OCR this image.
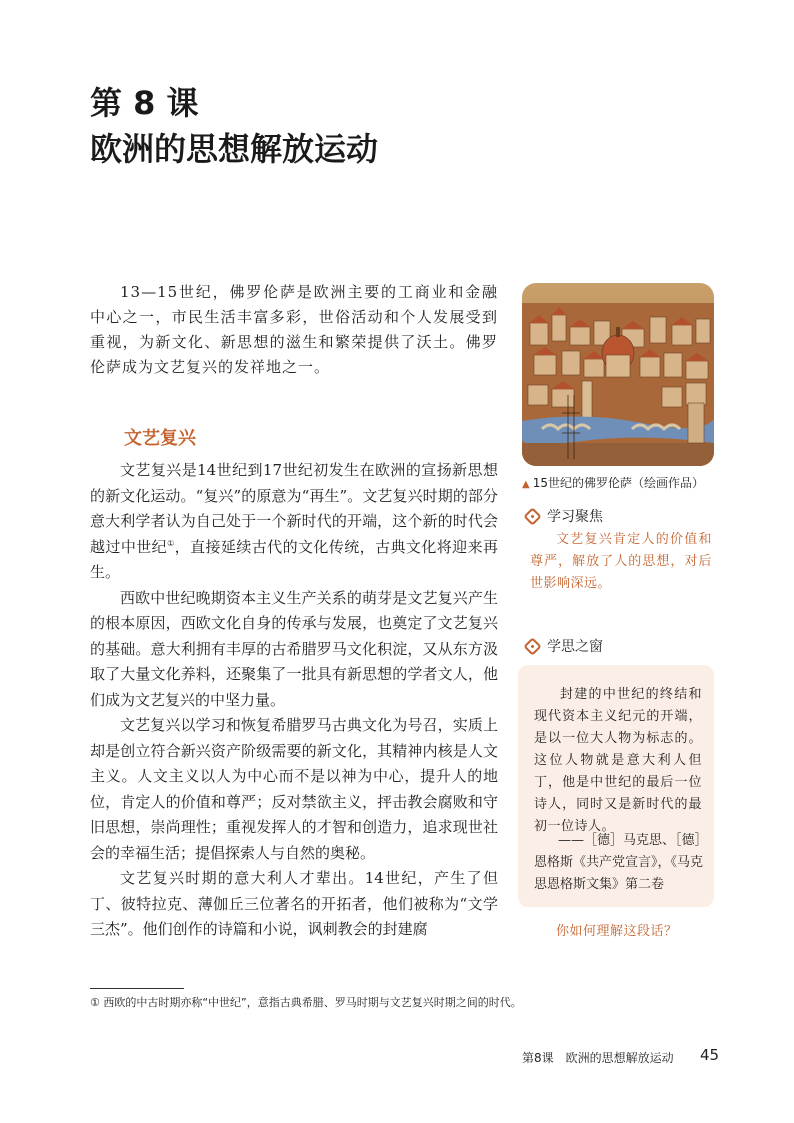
第 8 课
欧洲的思想解放运动

13—15世纪，佛罗伦萨是欧洲主要的工商业和金融中心之一，市民生活丰富多彩，世俗活动和个人发展受到重视，为新文化、新思想的滋生和繁荣提供了沃土。佛罗伦萨成为文艺复兴的发祥地之一。

文艺复兴

文艺复兴是14世纪到17世纪初发生在欧洲的宣扬新思想的新文化运动。“复兴”的原意为“再生”。文艺复兴时期的部分意大利学者认为自己处于一个新时代的开端，这个新的时代会越过中世纪①，直接延续古代的文化传统，古典文化将迎来再生。

西欧中世纪晚期资本主义生产关系的萌芽是文艺复兴产生的根本原因，西欧文化自身的传承与发展，也奠定了文艺复兴的基础。意大利拥有丰厚的古希腊罗马文化积淀，又从东方汲取了大量文化养料，还聚集了一批具有新思想的学者文人，他们成为文艺复兴的中坚力量。

文艺复兴以学习和恢复希腊罗马古典文化为号召，实质上却是创立符合新兴资产阶级需要的新文化，其精神内核是人文主义。人文主义以人为中心而不是以神为中心，提升人的地位，肯定人的价值和尊严；反对禁欲主义，抨击教会腐败和守旧思想，崇尚理性；重视发挥人的才智和创造力，追求现世社会的幸福生活；提倡探索人与自然的奥秘。

文艺复兴时期的意大利人才辈出。14世纪，产生了但丁、彼特拉克、薄伽丘三位著名的开拓者，他们被称为“文学三杰”。他们创作的诗篇和小说，讽刺教会的封建腐

▲ 15世纪的佛罗伦萨（绘画作品）
学习聚焦

文艺复兴肯定人的价值和尊严，解放了人的思想，对后世影响深远。

学思之窗

封建的中世纪的终结和现代资本主义纪元的开端，是以一位大人物为标志的。这位人物就是意大利人但丁，他是中世纪的最后一位诗人，同时又是新时代的最初一位诗人。

——［德］马克思、［德］
恩格斯《共产党宣言》，《马克思恩格斯文集》第二卷

你如何理解这段话？
① 西欧的中古时期亦称“中世纪”，意指古典希腊、罗马时期与文艺复兴时期之间的时代。
第8课　欧洲的思想解放运动 45
